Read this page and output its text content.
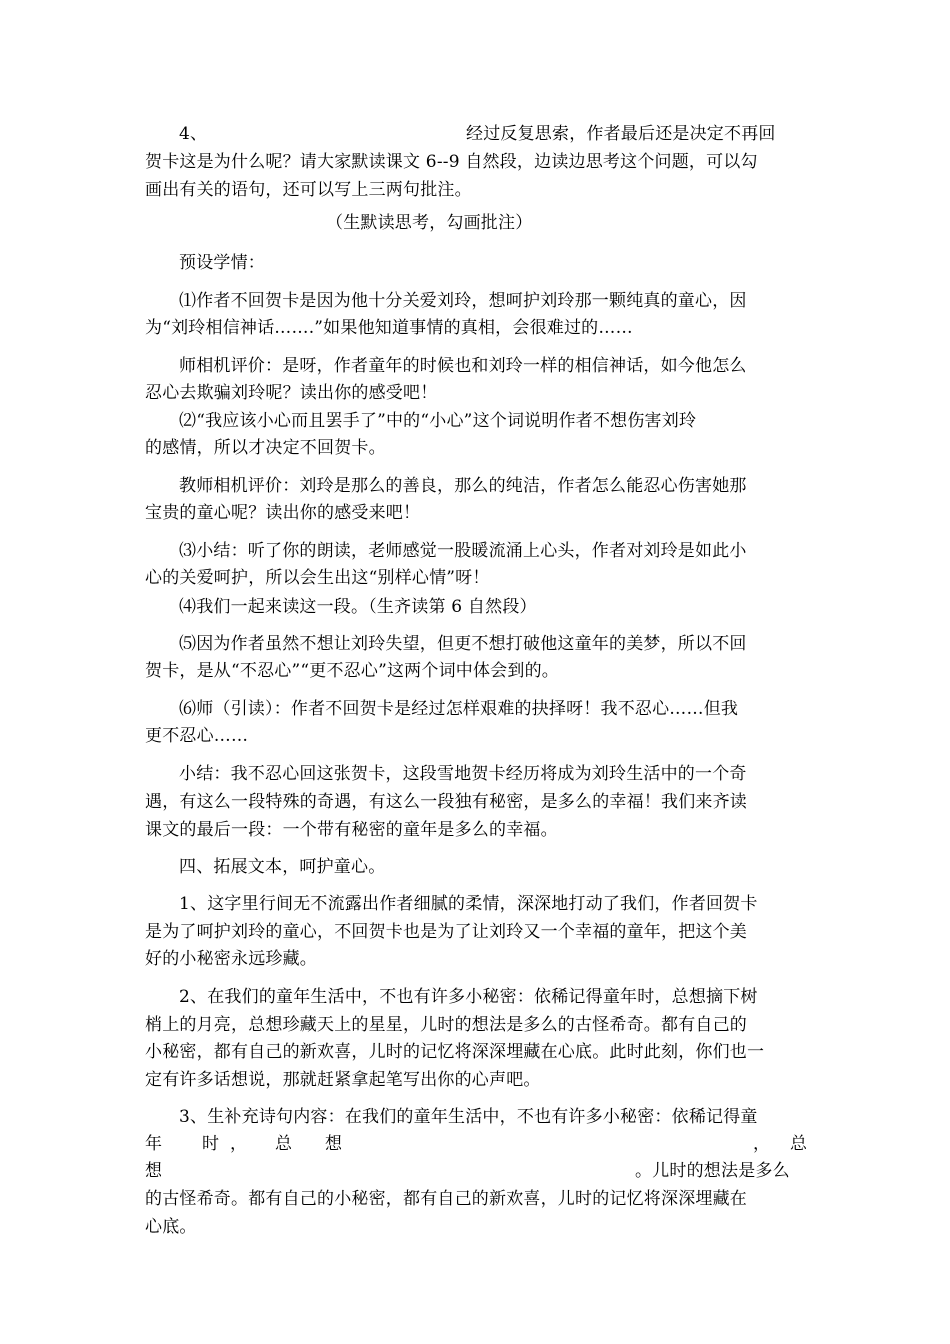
4、	经过反复思索，作者最后还是决定不再回
贺卡这是为什么呢？请大家默读课文 6--9 自然段，边读边思考这个问题，可以勾
画出有关的语句，还可以写上三两句批注。
（生默读思考，勾画批注）
预设学情：
⑴作者不回贺卡是因为他十分关爱刘玲，想呵护刘玲那一颗纯真的童心，因
为“刘玲相信神话…….”如果他知道事情的真相，会很难过的……
师相机评价：是呀，作者童年的时候也和刘玲一样的相信神话，如今他怎么
忍心去欺骗刘玲呢？读出你的感受吧！
⑵“我应该小心而且罢手了”中的“小心”这个词说明作者不想伤害刘玲
的感情，所以才决定不回贺卡。
教师相机评价：刘玲是那么的善良，那么的纯洁，作者怎么能忍心伤害她那
宝贵的童心呢？读出你的感受来吧！
⑶小结：听了你的朗读，老师感觉一股暖流涌上心头，作者对刘玲是如此小
心的关爱呵护，所以会生出这“别样心情”呀！
⑷我们一起来读这一段。（生齐读第 6 自然段）
⑸因为作者虽然不想让刘玲失望，但更不想打破他这童年的美梦，所以不回
贺卡，是从“不忍心”“更不忍心”这两个词中体会到的。
⑹师（引读）：作者不回贺卡是经过怎样艰难的抉择呀！我不忍心……但我
更不忍心……
小结：我不忍心回这张贺卡，这段雪地贺卡经历将成为刘玲生活中的一个奇
遇，有这么一段特殊的奇遇，有这么一段独有秘密，是多么的幸福！我们来齐读
课文的最后一段：一个带有秘密的童年是多么的幸福。
四、拓展文本，呵护童心。
1、这字里行间无不流露出作者细腻的柔情，深深地打动了我们，作者回贺卡
是为了呵护刘玲的童心，不回贺卡也是为了让刘玲又一个幸福的童年，把这个美
好的小秘密永远珍藏。
2、在我们的童年生活中，不也有许多小秘密：依稀记得童年时，总想摘下树
梢上的月亮，总想珍藏天上的星星，儿时的想法是多么的古怪希奇。都有自己的
小秘密，都有自己的新欢喜，儿时的记忆将深深埋藏在心底。此时此刻，你们也一
定有许多话想说，那就赶紧拿起笔写出你的心声吧。
3、生补充诗句内容：在我们的童年生活中，不也有许多小秘密：依稀记得童
年 时 ， 总 想	， 总
想	。儿时的想法是多么
的古怪希奇。都有自己的小秘密，都有自己的新欢喜，儿时的记忆将深深埋藏在
心底。
